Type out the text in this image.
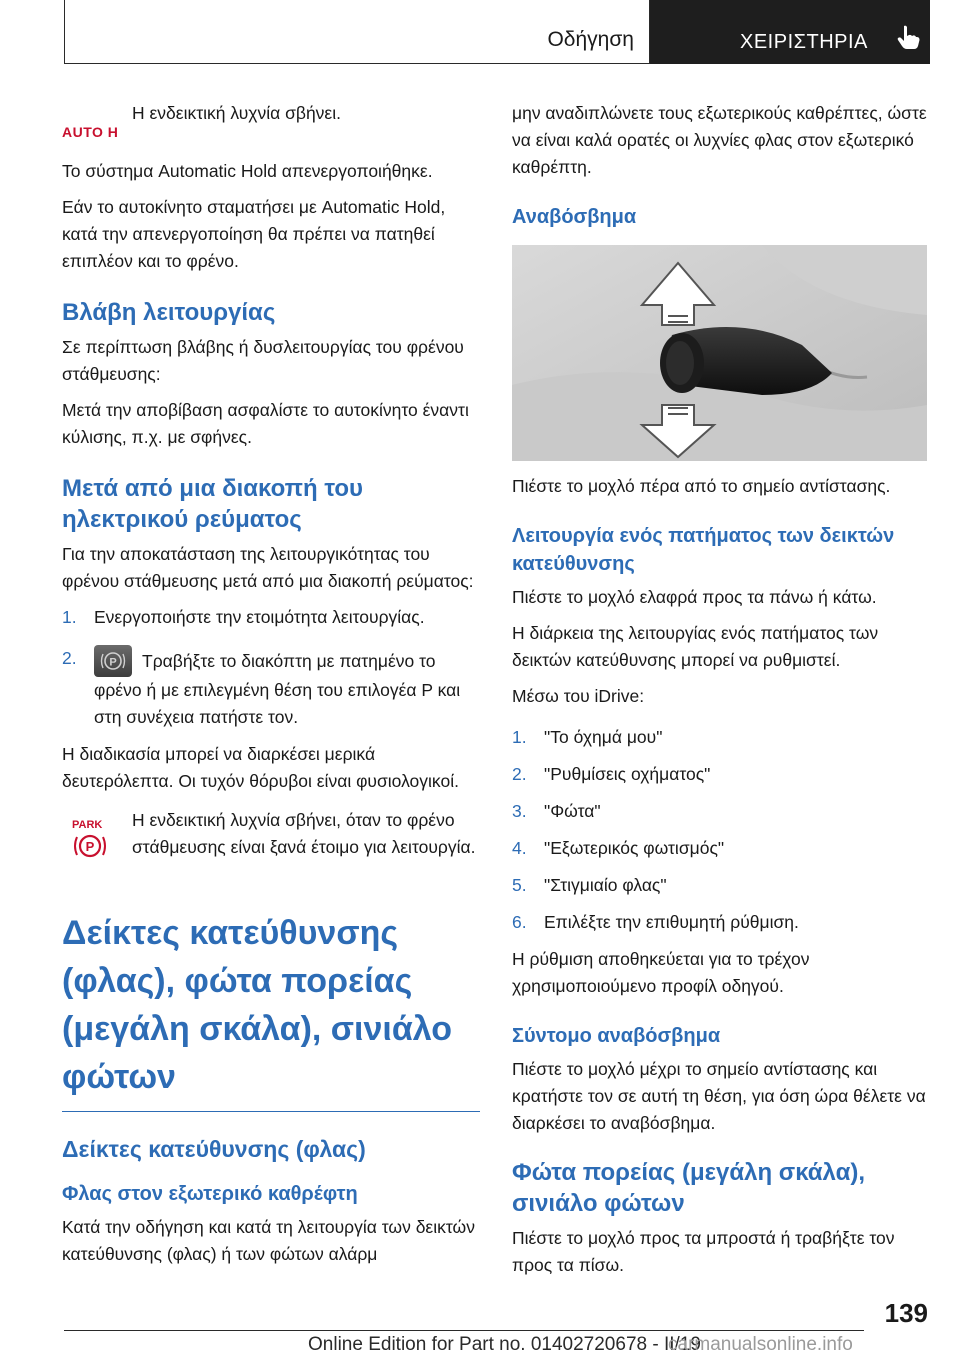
Οδήγηση	ΧΕΙΡΙΣΤΗΡΙΑ
AUTO H
Η ενδεικτική λυχνία σβήνει.

Το σύστημα Automatic Hold απενεργοποιήθηκε.

Εάν το αυτοκίνητο σταματήσει με Automatic Hold, κατά την απενεργοποίηση θα πρέπει να πατηθεί επιπλέον και το φρένο.

Βλάβη λειτουργίας

Σε περίπτωση βλάβης ή δυσλειτουργίας του φρένου στάθμευσης:

Μετά την αποβίβαση ασφαλίστε το αυτοκίνητο έναντι κύλισης, π.χ. με σφήνες.

Μετά από μια διακοπή του ηλεκτρικού ρεύματος

Για την αποκατάσταση της λειτουργικότητας του φρένου στάθμευσης μετά από μια διακοπή ρεύματος:

1. Ενεργοποιήστε την ετοιμότητα λειτουργίας.
2.	P Τραβήξτε το διακόπτη με πατημένο το φρένο ή με επιλεγμένη θέση του επιλογέα P και στη συνέχεια πατήστε τον.

Η διαδικασία μπορεί να διαρκέσει μερικά δευτερόλεπτα. Οι τυχόν θόρυβοι είναι φυσιολογικοί.

PARK
P
Η ενδεικτική λυχνία σβήνει, όταν το φρένο στάθμευσης είναι ξανά έτοιμο για λειτουργία.
Δείκτες κατεύθυνσης (φλας), φώτα πορείας (μεγάλη σκάλα), σινιάλο φώτων
Δείκτες κατεύθυνσης (φλας)
Φλας στον εξωτερικό καθρέφτη

Κατά την οδήγηση και κατά τη λειτουργία των δεικτών κατεύθυνσης (φλας) ή των φώτων αλάρμ

μην αναδιπλώνετε τους εξωτερικούς καθρέπτες, ώστε να είναι καλά ορατές οι λυχνίες φλας στον εξωτερικό καθρέπτη.

Αναβόσβημα

Πιέστε το μοχλό πέρα από το σημείο αντίστασης.

Λειτουργία ενός πατήματος των δεικτών κατεύθυνσης

Πιέστε το μοχλό ελαφρά προς τα πάνω ή κάτω.

Η διάρκεια της λειτουργίας ενός πατήματος των δεικτών κατεύθυνσης μπορεί να ρυθμιστεί.

Μέσω του iDrive:

1. "Το όχημά μου"
2. "Ρυθμίσεις οχήματος"
3. "Φώτα"
4. "Εξωτερικός φωτισμός"
5. "Στιγμιαίο φλας"
6. Επιλέξτε την επιθυμητή ρύθμιση.

Η ρύθμιση αποθηκεύεται για το τρέχον χρησιμοποιούμενο προφίλ οδηγού.

Σύντομο αναβόσβημα

Πιέστε το μοχλό μέχρι το σημείο αντίστασης και κρατήστε τον σε αυτή τη θέση, για όση ώρα θέλετε να διαρκέσει το αναβόσβημα.

Φώτα πορείας (μεγάλη σκάλα), σινιάλο φώτων

Πιέστε το μοχλό προς τα μπροστά ή τραβήξτε τον προς τα πίσω.

139
Online Edition for Part no. 01402720678 - II/19
carmanualsonline.info
